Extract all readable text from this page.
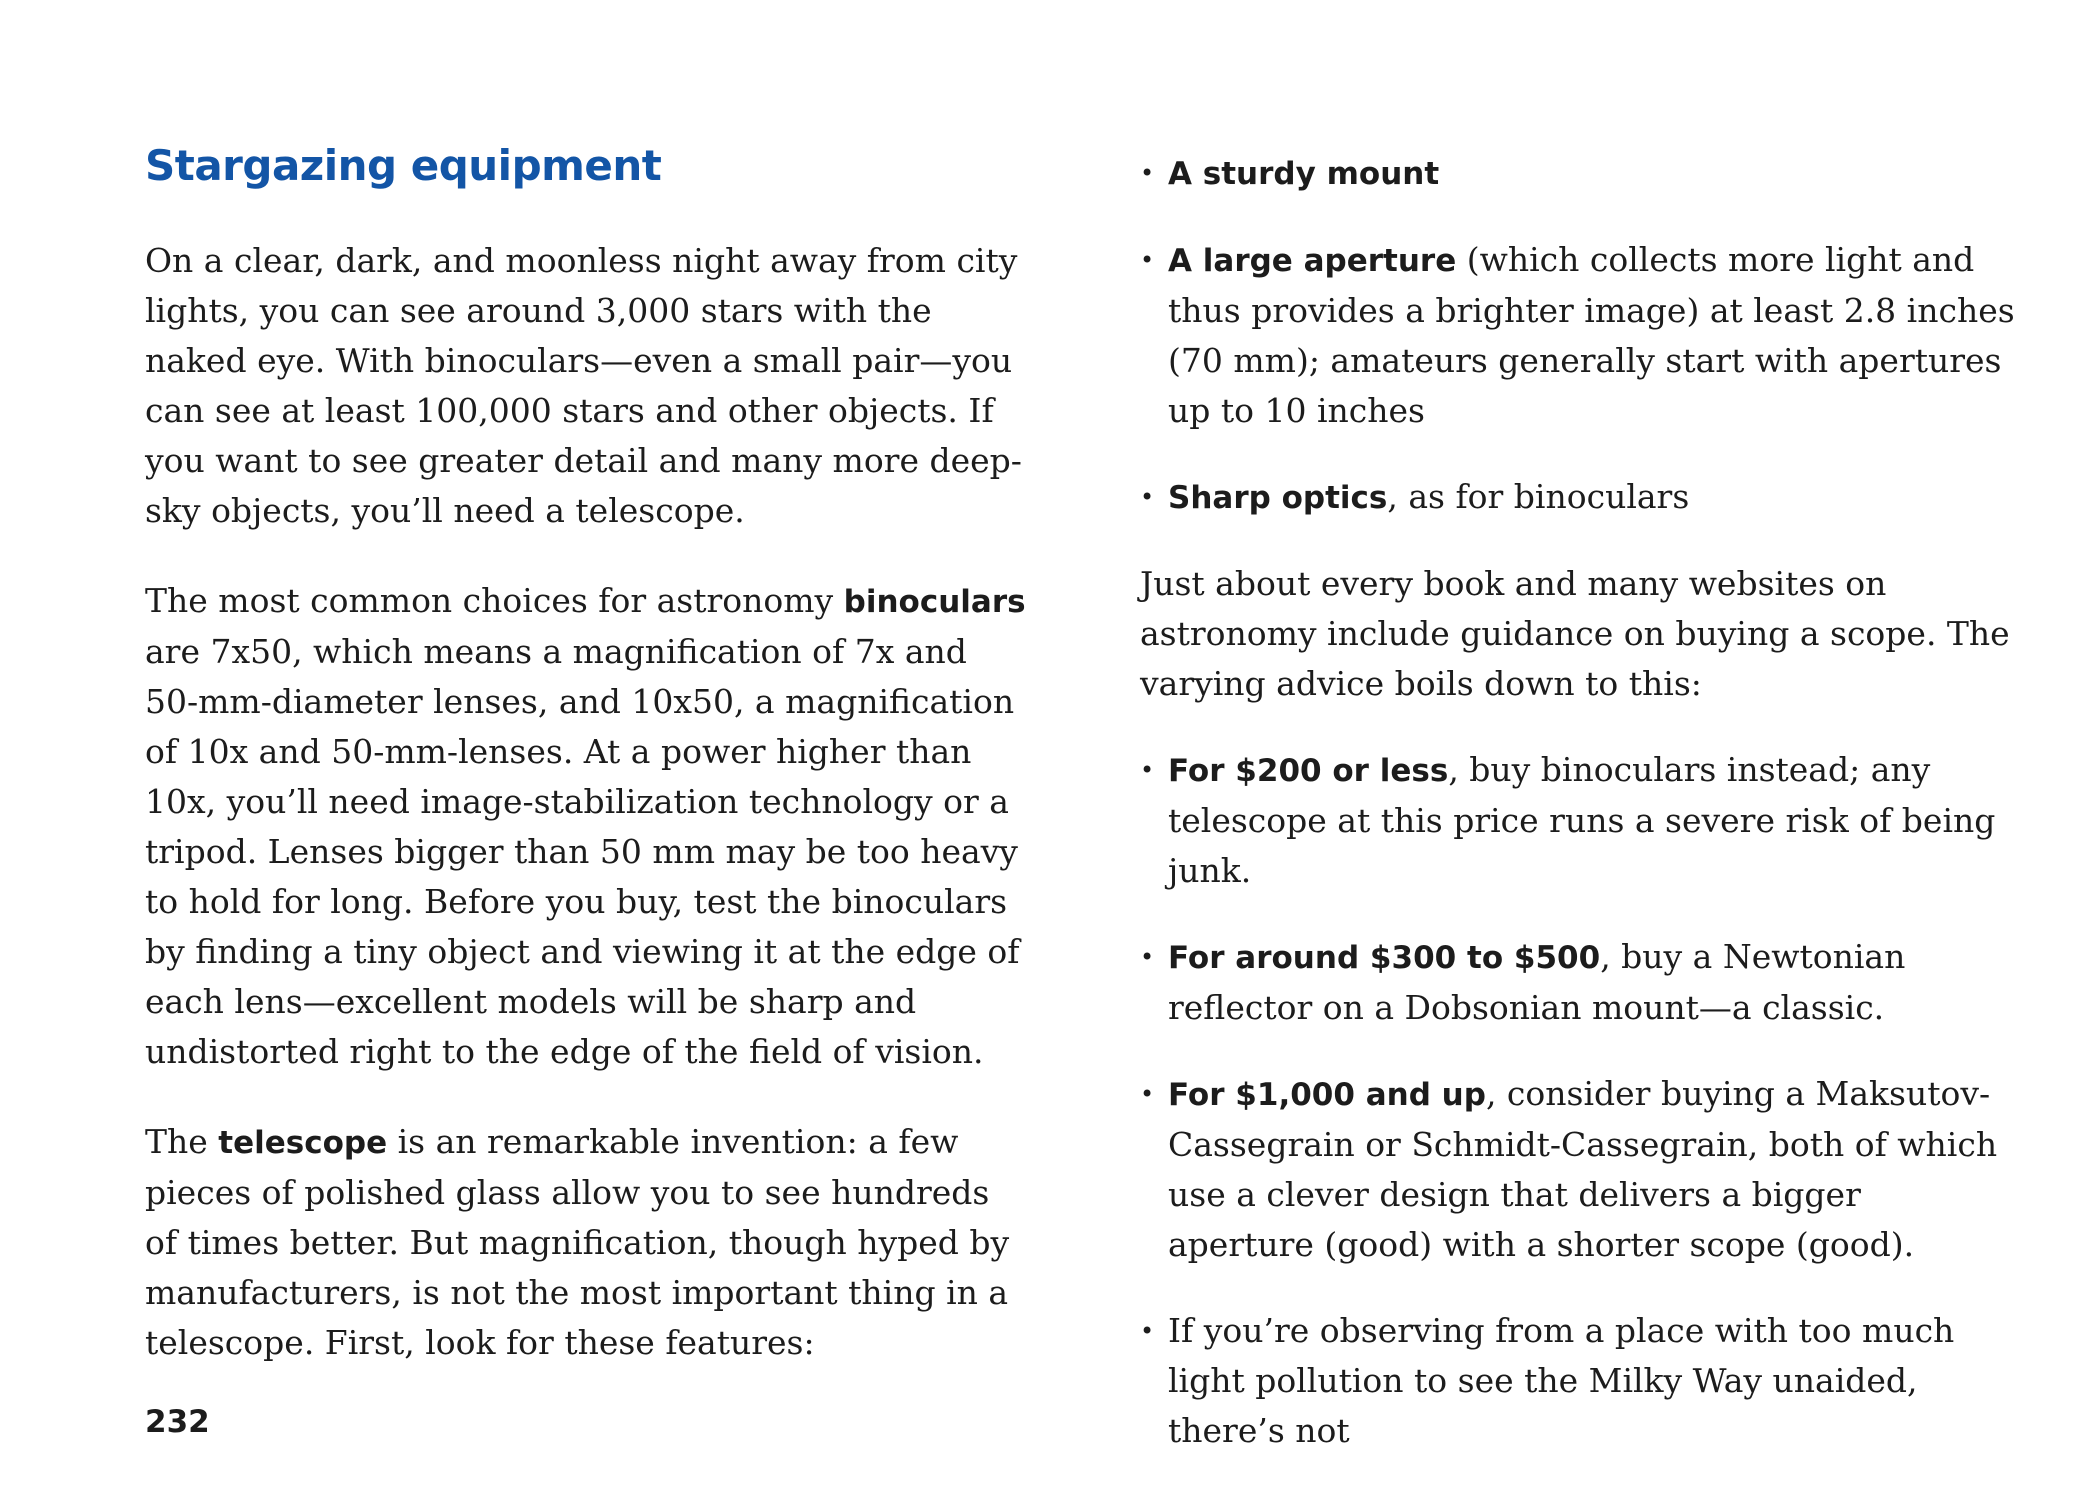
Stargazing equipment
On a clear, dark, and moonless night away from city lights, you can see around 3,000 stars with the naked eye. With binoculars—even a small pair—you can see at least 100,000 stars and other objects. If you want to see greater detail and many more deep-sky objects, you’ll need a telescope.
The most common choices for astronomy binoculars are 7x50, which means a magnification of 7x and 50-mm-diameter lenses, and 10x50, a magnification of 10x and 50-mm-lenses. At a power higher than 10x, you’ll need image-stabilization technology or a tripod. Lenses bigger than 50 mm may be too heavy to hold for long. Before you buy, test the binoculars by finding a tiny object and viewing it at the edge of each lens—excellent models will be sharp and undistorted right to the edge of the field of vision.
The telescope is an remarkable invention: a few pieces of polished glass allow you to see hundreds of times better. But magnification, though hyped by manufacturers, is not the most important thing in a telescope. First, look for these features:
• A sturdy mount
• A large aperture (which collects more light and thus provides a brighter image) at least 2.8 inches (70 mm); amateurs generally start with apertures up to 10 inches
• Sharp optics, as for binoculars
Just about every book and many websites on astronomy include guidance on buying a scope. The varying advice boils down to this:
• For $200 or less, buy binoculars instead; any telescope at this price runs a severe risk of being junk.
• For around $300 to $500, buy a Newtonian reflector on a Dobsonian mount—a classic.
• For $1,000 and up, consider buying a Maksutov-Cassegrain or Schmidt-Cassegrain, both of which use a clever design that delivers a bigger aperture (good) with a shorter scope (good).
• If you’re observing from a place with too much light pollution to see the Milky Way unaided, there’s not
232
